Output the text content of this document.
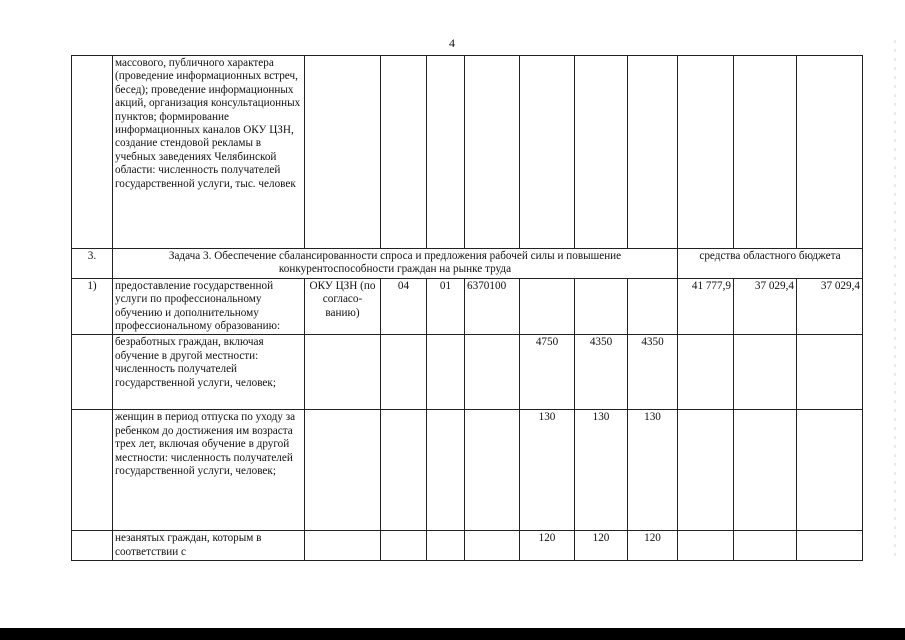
4
	массового, публичного характера (проведение информационных встреч, бесед); проведение информационных акций, организация консультационных пунктов; формирование информационных каналов ОКУ ЦЗН, создание стендовой рекламы в учебных заведениях Челябинской области: численность получателей государственной услуги, тыс. человек										
3.	Задача 3. Обеспечение сбалансированности спроса и предложения рабочей силы и повышение конкурентоспособности граждан на рынке труда								средства областного бюджета		
1)	предоставление государственной услуги по профессиональному обучению и дополнительному профессиональному образованию:	ОКУ ЦЗН (по согласо- ванию)	04	01	6370100				41 777,9	37 029,4	37 029,4
	безработных граждан, включая обучение в другой местности: численность получателей государственной услуги, человек;					4750	4350	4350			
	женщин в период отпуска по уходу за ребенком до достижения им возраста трех лет, включая обучение в другой местности: численность получателей государственной услуги, человек;					130	130	130			
	незанятых граждан, которым в соответствии с					120	120	120			
